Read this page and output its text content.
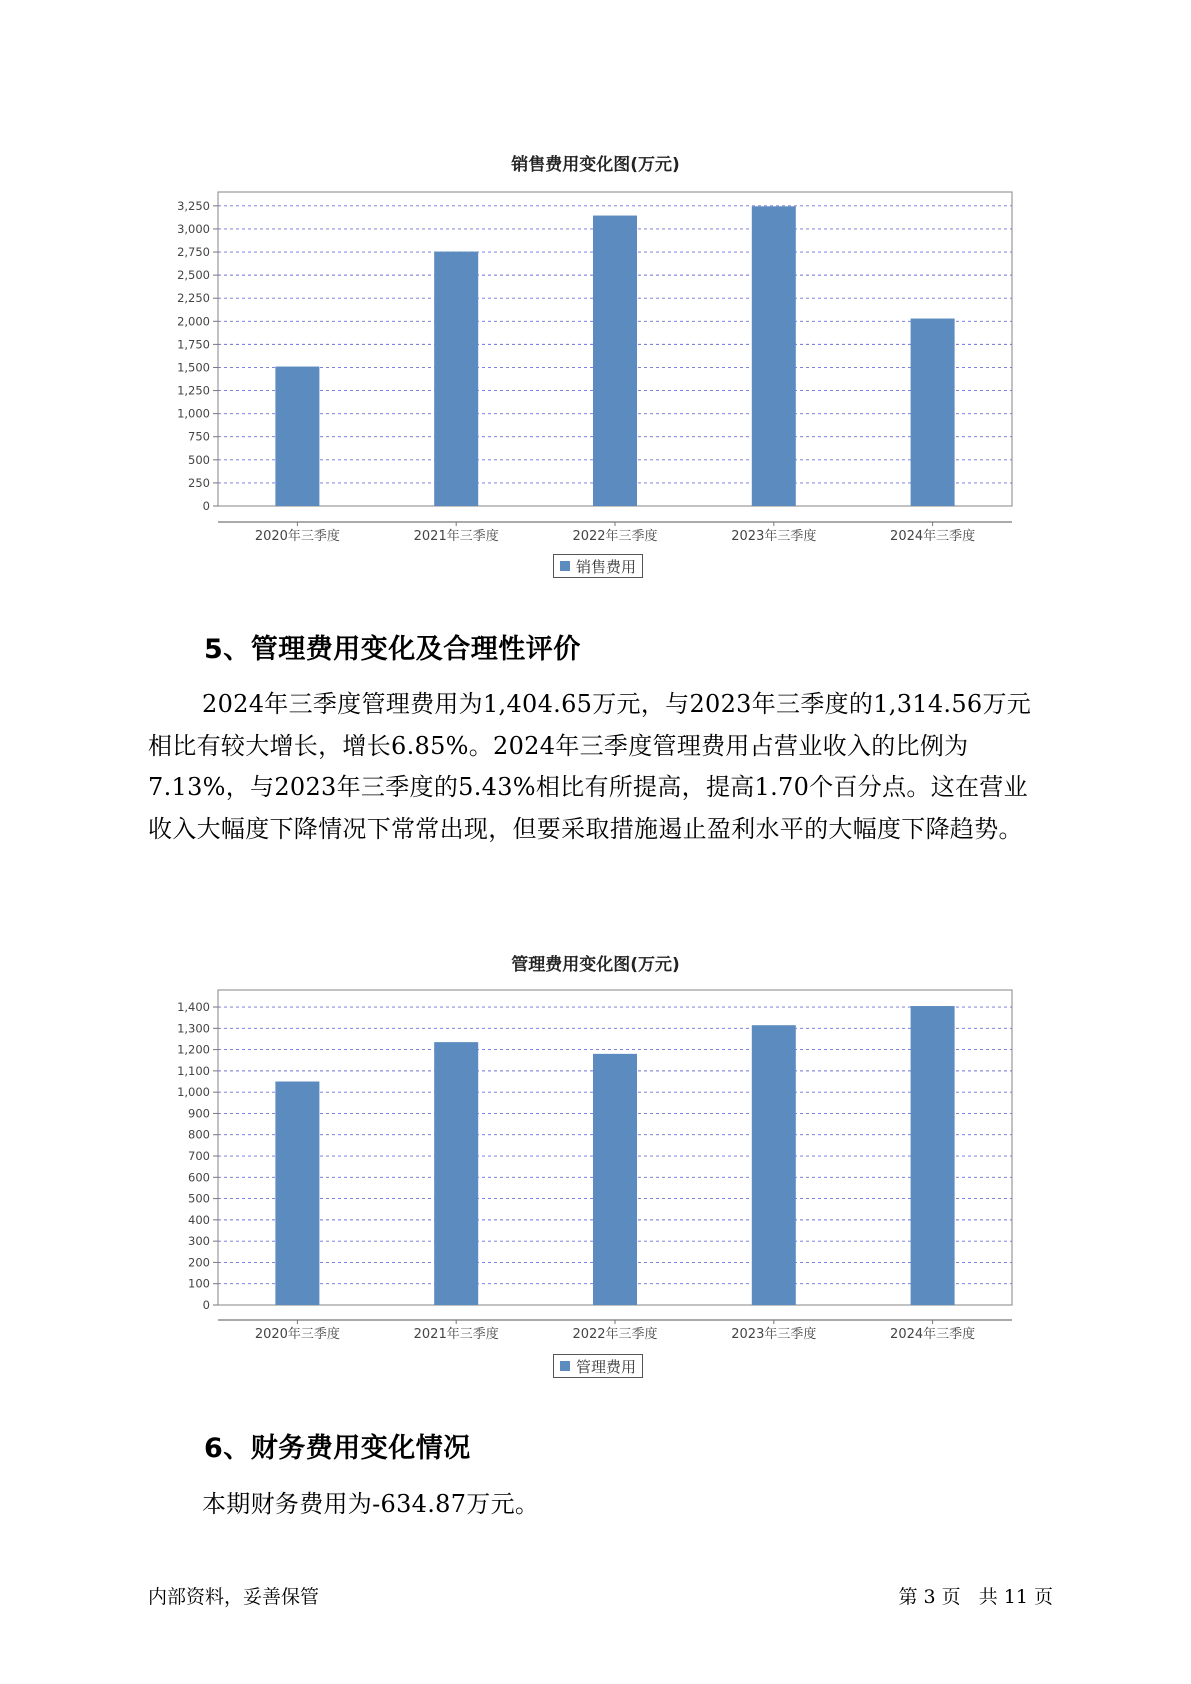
销售费用变化图(万元)
0
250
500
750
1,000
1,250
1,500
1,750
2,000
2,250
2,500
2,750
3,000
3,250
2020年三季度	2021年三季度	2022年三季度	2023年三季度	2024年三季度
销售费用
5、管理费用变化及合理性评价

2024年三季度管理费用为1,404.65万元，与2023年三季度的1,314.56万元相比有较大增长，增长6.85%。2024年三季度管理费用占营业收入的比例为7.13%，与2023年三季度的5.43%相比有所提高，提高1.70个百分点。这在营业收入大幅度下降情况下常常出现，但要采取措施遏止盈利水平的大幅度下降趋势。

管理费用变化图(万元)
0
100
200
300
400
500
600
700
800
900
1,000
1,100
1,200
1,300
1,400
2020年三季度	2021年三季度	2022年三季度	2023年三季度	2024年三季度
管理费用
6、财务费用变化情况

本期财务费用为-634.87万元。

内部资料，妥善保管	第 3 页   共 11 页
